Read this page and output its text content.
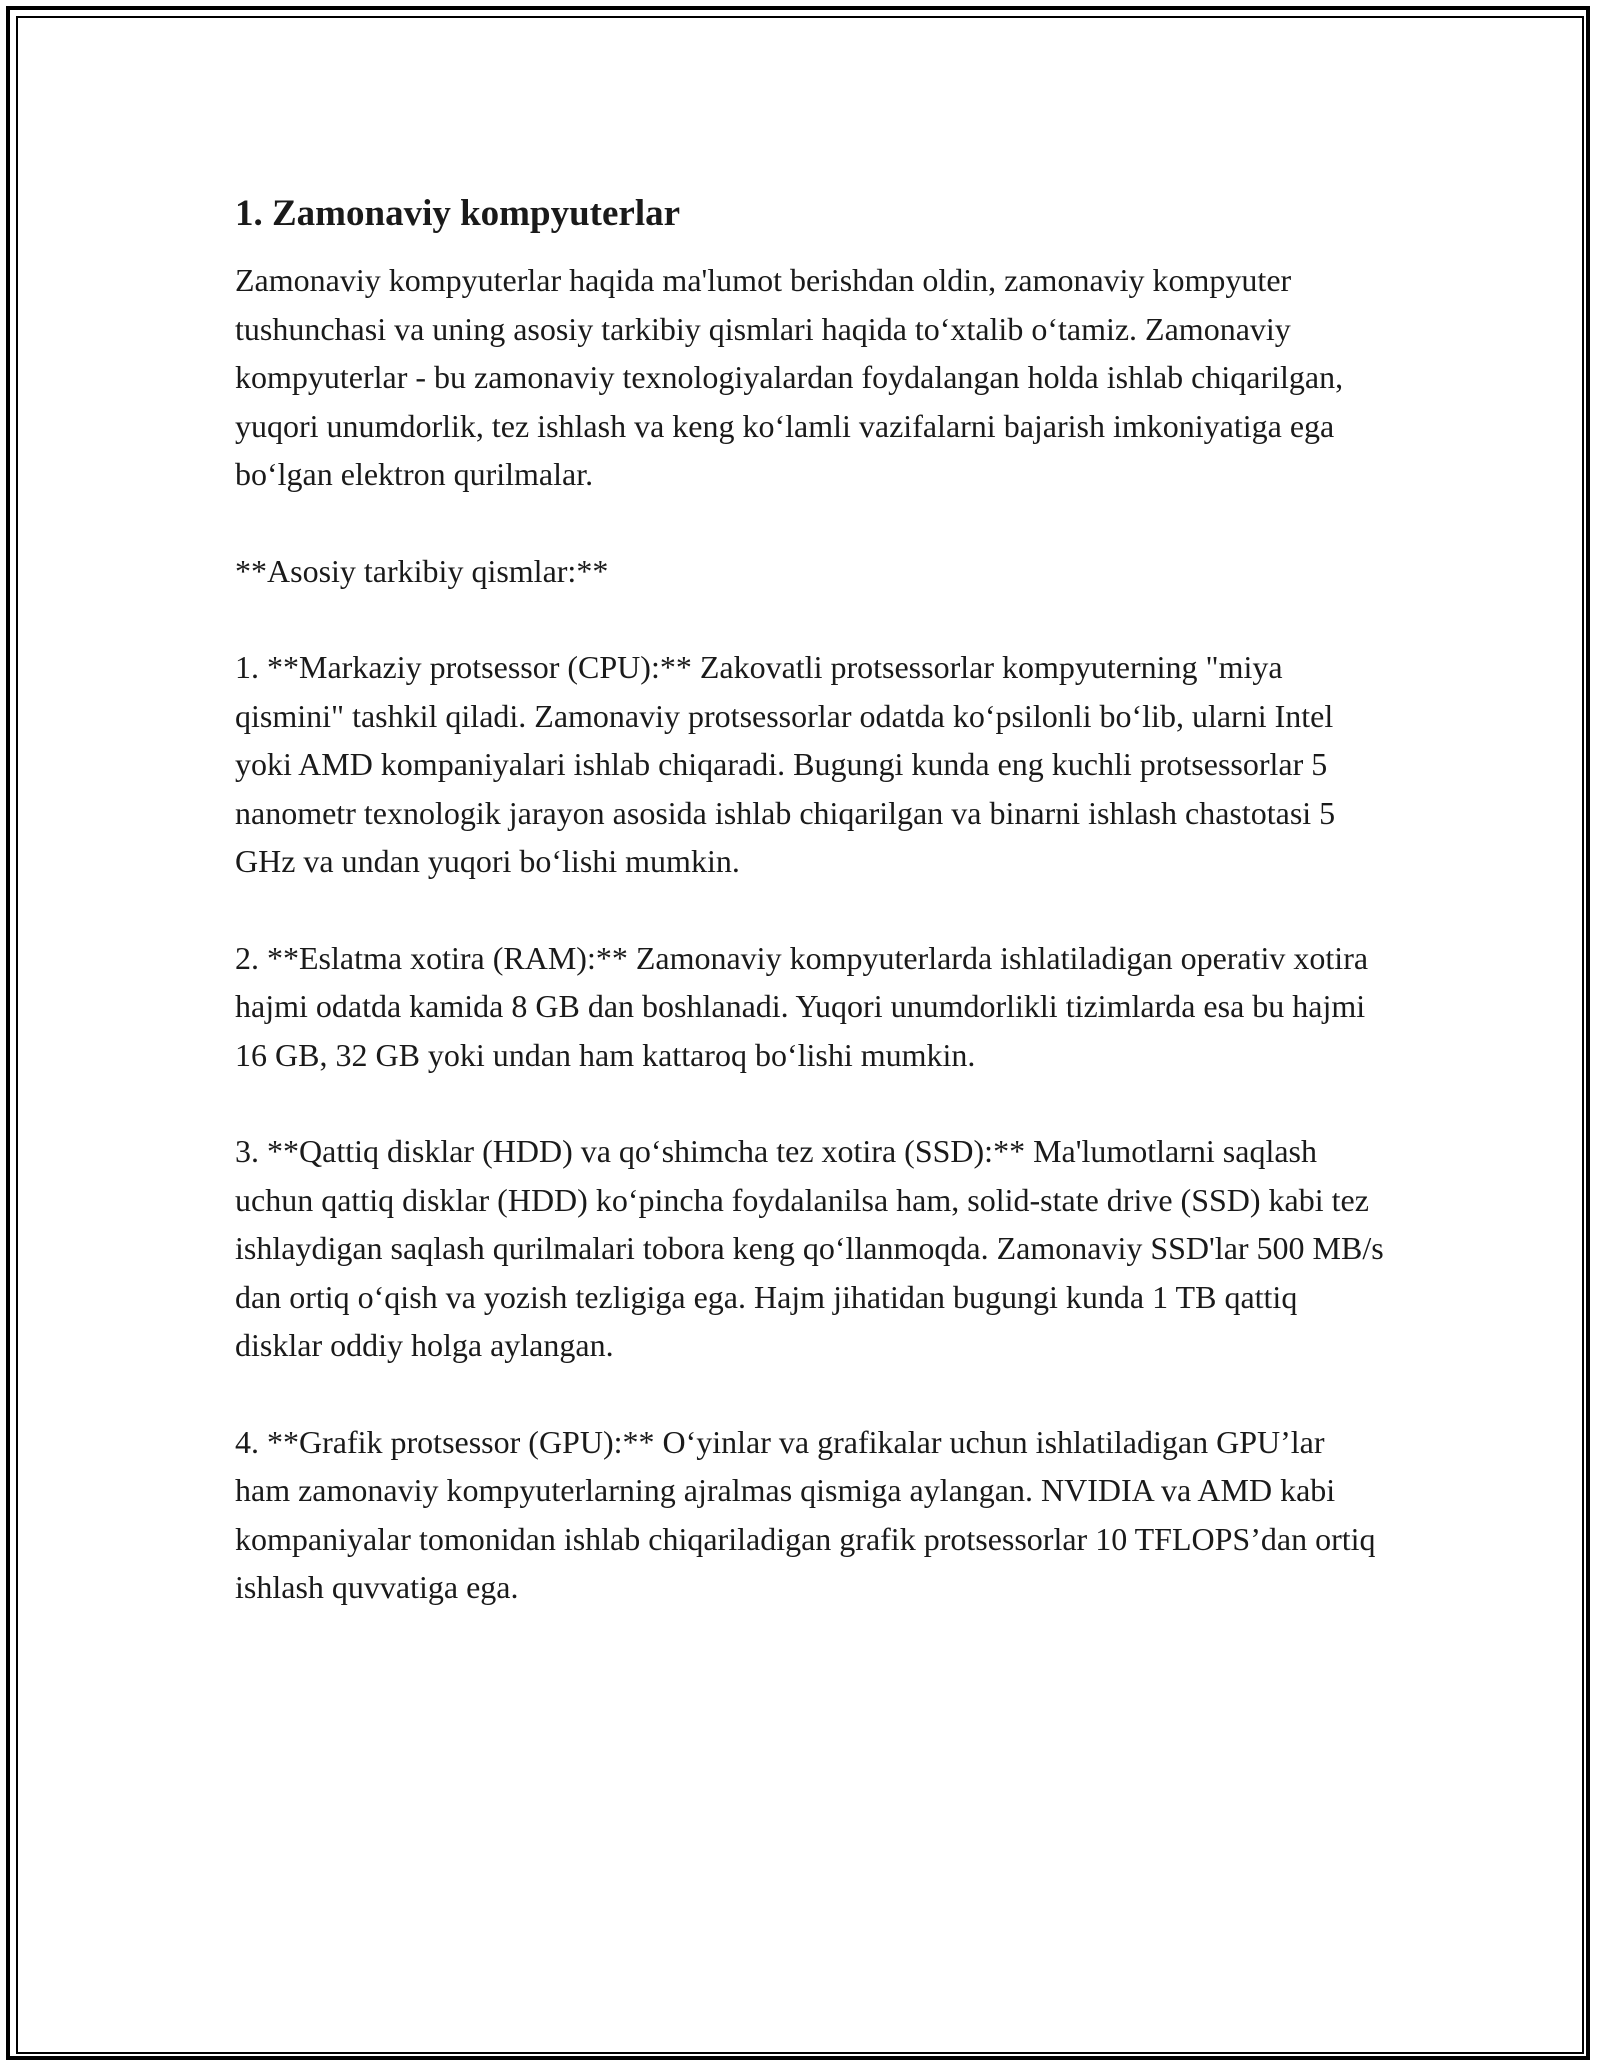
1. Zamonaviy kompyuterlar

Zamonaviy kompyuterlar haqida ma'lumot berishdan oldin, zamonaviy kompyuter tushunchasi va uning asosiy tarkibiy qismlari haqida to‘xtalib o‘tamiz. Zamonaviy kompyuterlar - bu zamonaviy texnologiyalardan foydalangan holda ishlab chiqarilgan, yuqori unumdorlik, tez ishlash va keng ko‘lamli vazifalarni bajarish imkoniyatiga ega bo‘lgan elektron qurilmalar.

**Asosiy tarkibiy qismlar:**

1. **Markaziy protsessor (CPU):** Zakovatli protsessorlar kompyuterning "miya qismini" tashkil qiladi. Zamonaviy protsessorlar odatda ko‘psilonli bo‘lib, ularni Intel yoki AMD kompaniyalari ishlab chiqaradi. Bugungi kunda eng kuchli protsessorlar 5 nanometr texnologik jarayon asosida ishlab chiqarilgan va binarni ishlash chastotasi 5 GHz va undan yuqori bo‘lishi mumkin.

2. **Eslatma xotira (RAM):** Zamonaviy kompyuterlarda ishlatiladigan operativ xotira hajmi odatda kamida 8 GB dan boshlanadi. Yuqori unumdorlikli tizimlarda esa bu hajmi 16 GB, 32 GB yoki undan ham kattaroq bo‘lishi mumkin.

3. **Qattiq disklar (HDD) va qo‘shimcha tez xotira (SSD):** Ma'lumotlarni saqlash uchun qattiq disklar (HDD) ko‘pincha foydalanilsa ham, solid-state drive (SSD) kabi tez ishlaydigan saqlash qurilmalari tobora keng qo‘llanmoqda. Zamonaviy SSD'lar 500 MB/s dan ortiq o‘qish va yozish tezligiga ega. Hajm jihatidan bugungi kunda 1 TB qattiq disklar oddiy holga aylangan.

4. **Grafik protsessor (GPU):** O‘yinlar va grafikalar uchun ishlatiladigan GPU’lar ham zamonaviy kompyuterlarning ajralmas qismiga aylangan. NVIDIA va AMD kabi kompaniyalar tomonidan ishlab chiqariladigan grafik protsessorlar 10 TFLOPS’dan ortiq ishlash quvvatiga ega.
